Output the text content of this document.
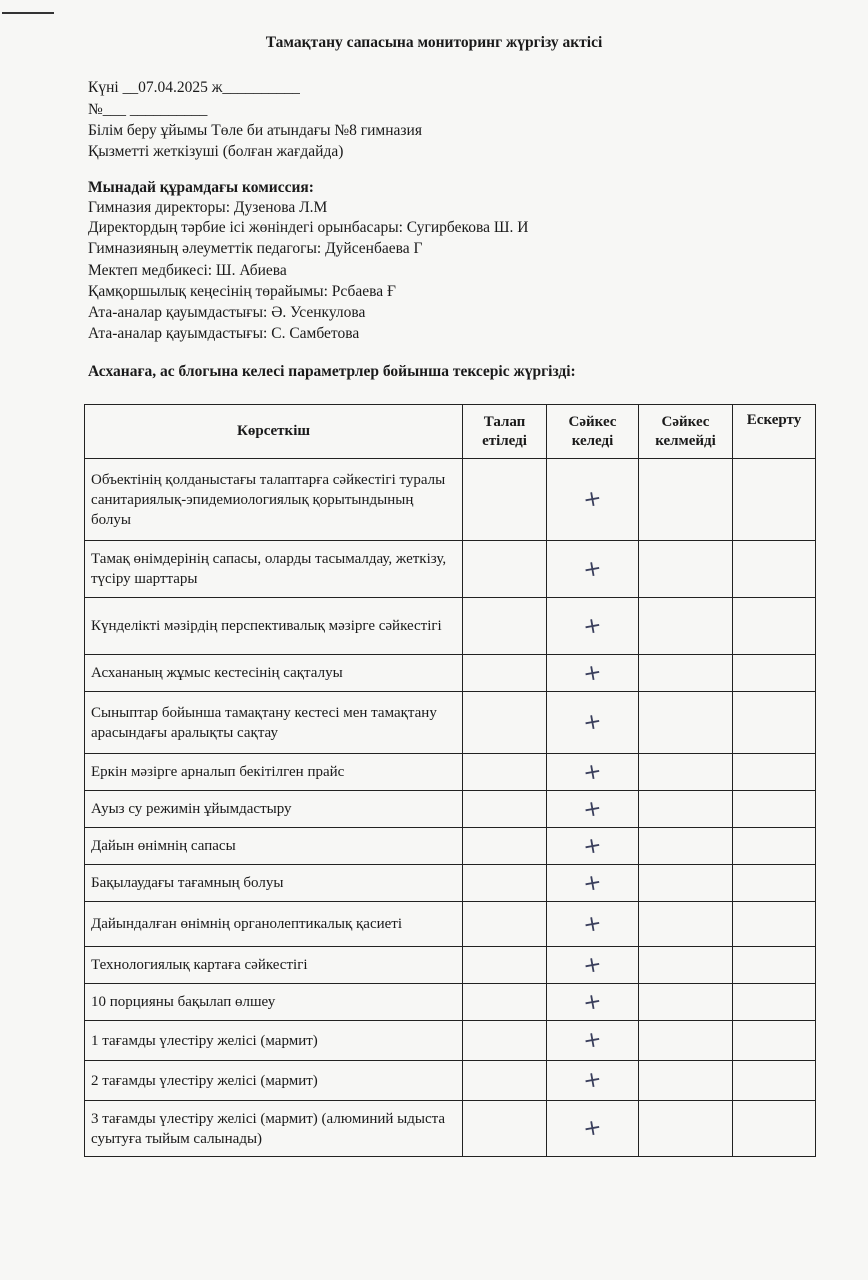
Тамақтану сапасына мониторинг жүргізу актісі
Күні __07.04.2025 ж__________
№___ __________
Білім беру ұйымы Төле би атындағы №8 гимназия
Қызметті жеткізуші (болған жағдайда)
Мынадай құрамдағы комиссия:
Гимназия директоры: Дузенова Л.М
Директордың тәрбие ісі жөніндегі орынбасары: Сугирбекова Ш. И
Гимназияның әлеуметтік педагогы: Дуйсенбаева Г
Мектеп медбикесі: Ш. Абиева
Қамқоршылық кеңесінің төрайымы: Рсбаева Ғ
Ата-аналар қауымдастығы: Ә. Усенкулова
Ата-аналар қауымдастығы: С. Самбетова
Асханаға, ас блогына келесі параметрлер бойынша тексеріс жүргізді:
Көрсеткіш	Талап етіледі	Сәйкес келеді	Сәйкес келмейді	Ескерту
Объектінің қолданыстағы талаптарға сәйкестігі туралы санитариялық-эпидемиологиялық қорытындының болуы		+		

Тамақ өнімдерінің сапасы, оларды тасымалдау, жеткізу, түсіру шарттары		+		

Күнделікті мәзірдің перспективалық мәзірге сәйкестігі		+		

Асхананың жұмыс кестесінің сақталуы		+		

Сыныптар бойынша тамақтану кестесі мен тамақтану арасындағы аралықты сақтау		+		

Еркін мәзірге арналып бекітілген прайс		+		

Ауыз су режимін ұйымдастыру		+		

Дайын өнімнің сапасы		+		

Бақылаудағы тағамның болуы		+		

Дайындалған өнімнің органолептикалық қасиеті		+		

Технологиялық картаға сәйкестігі		+		

10 порцияны бақылап өлшеу		+		

1 тағамды үлестіру желісі (мармит)		+		

2 тағамды үлестіру желісі (мармит)		+		

3 тағамды үлестіру желісі (мармит) (алюминий ыдыста суытуға тыйым салынады)		+		
